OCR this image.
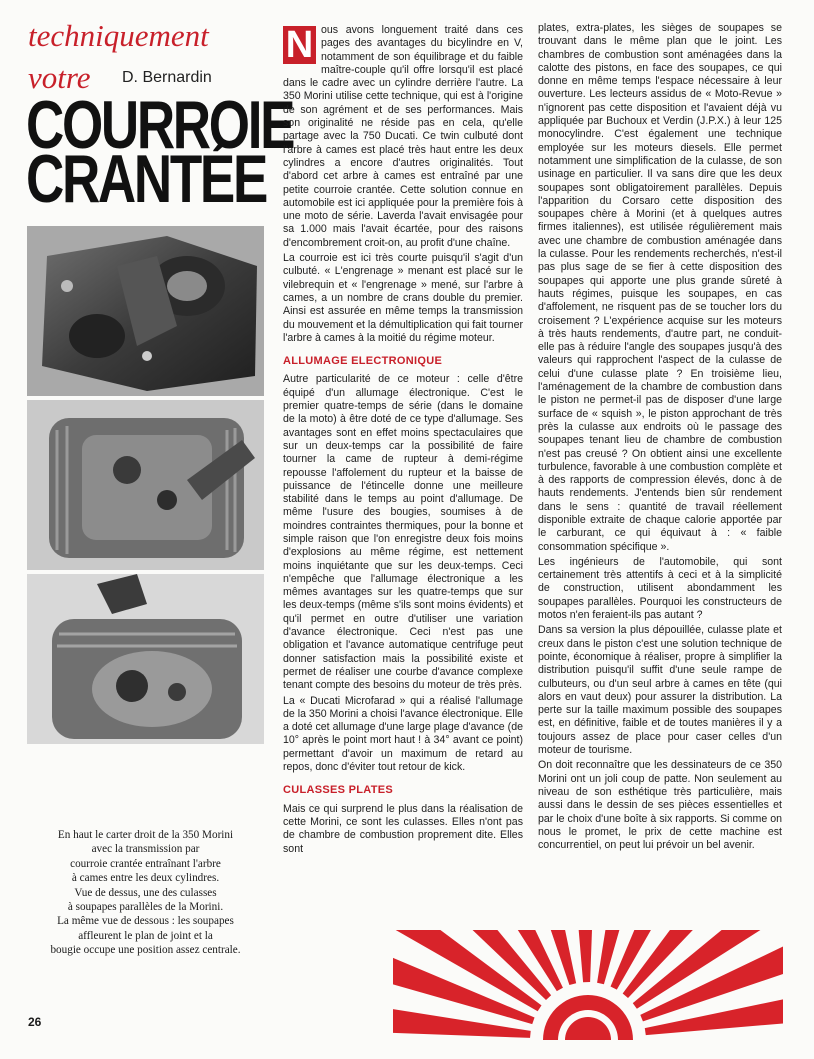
techniquement
votre D. Bernardin
COURROIE
CRANTÉE
En haut le carter droit de la 350 Morini
avec la transmission par
courroie crantée entraînant l'arbre
à cames entre les deux cylindres.
Vue de dessus, une des culasses
à soupapes parallèles de la Morini.
La même vue de dessous : les soupapes
affleurent le plan de joint et la
bougie occupe une position assez centrale.

N ous avons longuement traité dans ces pages des avantages du bicylindre en V, notamment de son équilibrage et du faible maître-couple qu'il offre lorsqu'il est placé dans le cadre avec un cylindre derrière l'autre. La 350 Morini utilise cette technique, qui est à l'origine de son agrément et de ses performances. Mais son originalité ne réside pas en cela, qu'elle partage avec la 750 Ducati. Ce twin culbuté dont l'arbre à cames est placé très haut entre les deux cylindres a encore d'autres originalités. Tout d'abord cet arbre à cames est entraîné par une petite courroie crantée. Cette solution connue en automobile est ici appliquée pour la première fois à une moto de série. Laverda l'avait envisagée pour sa 1.000 mais l'avait écartée, pour des raisons d'encombrement croit-on, au profit d'une chaîne.

La courroie est ici très courte puisqu'il s'agit d'un culbuté. « L'engrenage » menant est placé sur le vilebrequin et « l'engrenage » mené, sur l'arbre à cames, a un nombre de crans double du premier. Ainsi est assurée en même temps la transmission du mouvement et la démultiplication qui fait tourner l'arbre à cames à la moitié du régime moteur.

ALLUMAGE ELECTRONIQUE

Autre particularité de ce moteur : celle d'être équipé d'un allumage électronique. C'est le premier quatre-temps de série (dans le domaine de la moto) à être doté de ce type d'allumage. Ses avantages sont en effet moins spectaculaires que sur un deux-temps car la possibilité de faire tourner la came de rupteur à demi-régime repousse l'affolement du rupteur et la baisse de puissance de l'étincelle donne une meilleure stabilité dans le temps au point d'allumage. De même l'usure des bougies, soumises à de moindres contraintes thermiques, pour la bonne et simple raison que l'on enregistre deux fois moins d'explosions au même régime, est nettement moins inquiétante que sur les deux-temps. Ceci n'empêche que l'allumage électronique a les mêmes avantages sur les quatre-temps que sur les deux-temps (même s'ils sont moins évidents) et qu'il permet en outre d'utiliser une variation d'avance électronique. Ceci n'est pas une obligation et l'avance automatique centrifuge peut donner satisfaction mais la possibilité existe et permet de réaliser une courbe d'avance complexe tenant compte des besoins du moteur de très près.

La « Ducati Microfarad » qui a réalisé l'allumage de la 350 Morini a choisi l'avance électronique. Elle a doté cet allumage d'une large plage d'avance (de 10° après le point mort haut ! à 34° avant ce point) permettant d'avoir un maximum de retard au repos, donc d'éviter tout retour de kick.

CULASSES PLATES

Mais ce qui surprend le plus dans la réalisation de cette Morini, ce sont les culasses. Elles n'ont pas de chambre de combustion proprement dite. Elles sont

plates, extra-plates, les sièges de soupapes se trouvant dans le même plan que le joint. Les chambres de combustion sont aménagées dans la calotte des pistons, en face des soupapes, ce qui donne en même temps l'espace nécessaire à leur ouverture. Les lecteurs assidus de « Moto-Revue » n'ignorent pas cette disposition et l'avaient déjà vu appliquée par Buchoux et Verdin (J.P.X.) à leur 125 monocylindre. C'est également une technique employée sur les moteurs diesels. Elle permet notamment une simplification de la culasse, de son usinage en particulier. Il va sans dire que les deux soupapes sont obligatoirement parallèles. Depuis l'apparition du Corsaro cette disposition des soupapes chère à Morini (et à quelques autres firmes italiennes), est utilisée régulièrement mais avec une chambre de combustion aménagée dans la culasse. Pour les rendements recherchés, n'est-il pas plus sage de se fier à cette disposition des soupapes qui apporte une plus grande sûreté à hauts régimes, puisque les soupapes, en cas d'affolement, ne risquent pas de se toucher lors du croisement ? L'expérience acquise sur les moteurs à très hauts rendements, d'autre part, ne conduit-elle pas à réduire l'angle des soupapes jusqu'à des valeurs qui rapprochent l'aspect de la culasse de celui d'une culasse plate ? En troisième lieu, l'aménagement de la chambre de combustion dans le piston ne permet-il pas de disposer d'une large surface de « squish », le piston approchant de très près la culasse aux endroits où le passage des soupapes tenant lieu de chambre de combustion n'est pas creusé ? On obtient ainsi une excellente turbulence, favorable à une combustion complète et à des rapports de compression élevés, donc à de hauts rendements. J'entends bien sûr rendement dans le sens : quantité de travail réellement disponible extraite de chaque calorie apportée par le carburant, ce qui équivaut à : « faible consommation spécifique ».

Les ingénieurs de l'automobile, qui sont certainement très attentifs à ceci et à la simplicité de construction, utilisent abondamment les soupapes parallèles. Pourquoi les constructeurs de motos n'en feraient-ils pas autant ?

Dans sa version la plus dépouillée, culasse plate et creux dans le piston c'est une solution technique de pointe, économique à réaliser, propre à simplifier la distribution puisqu'il suffit d'une seule rampe de culbuteurs, ou d'un seul arbre à cames en tête (qui alors en vaut deux) pour assurer la distribution. La perte sur la taille maximum possible des soupapes est, en définitive, faible et de toutes manières il y a toujours assez de place pour caser celles d'un moteur de tourisme.

On doit reconnaître que les dessinateurs de ce 350 Morini ont un joli coup de patte. Non seulement au niveau de son esthétique très particulière, mais aussi dans le dessin de ses pièces essentielles et par le choix d'une boîte à six rapports. Si comme on nous le promet, le prix de cette machine est concurrentiel, on peut lui prévoir un bel avenir.

26
